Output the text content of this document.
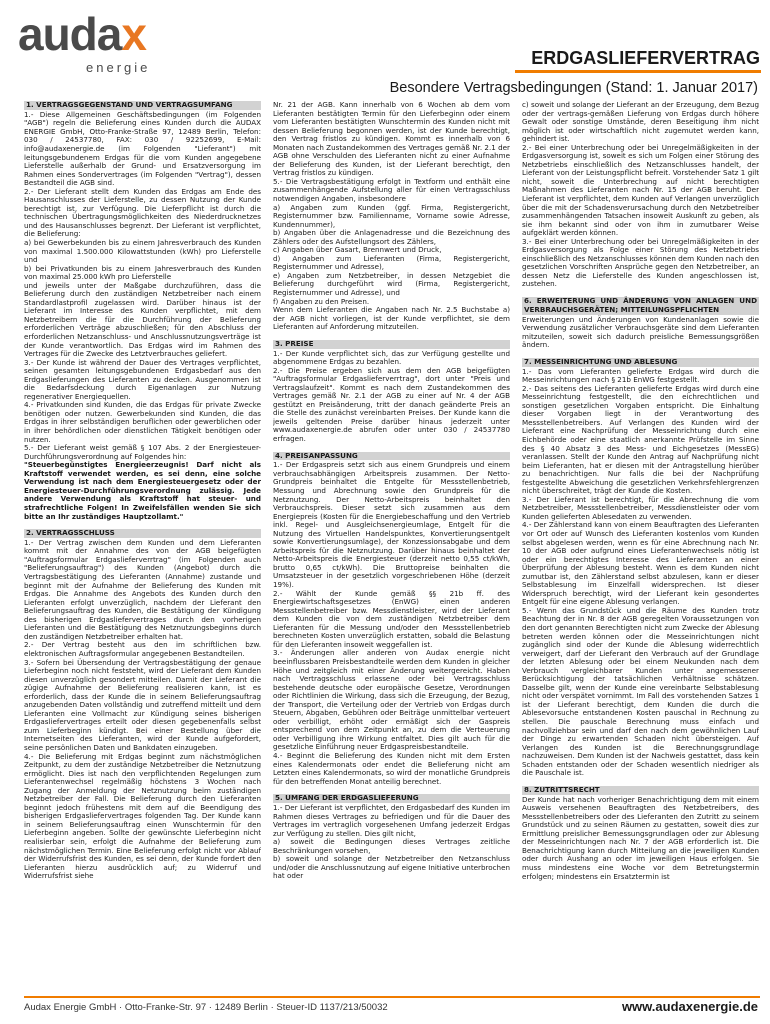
audax
energie	ERDGASLIEFERVERTRAG
Besondere Vertragsbedingungen (Stand: 1. Januar 2017)
1. VERTRAGSGEGENSTAND UND VERTRAGSUMFANG

1.- Diese Allgemeinen Geschäftsbedingungen (im Folgenden "AGB") regeln die Belieferung eines Kunden durch die AUDAX ENERGIE GmbH, Otto-Franke-Straße 97, 12489 Berlin, Telefon: 030 / 24537780, FAX: 030 / 92252699, E-Mail: info@audaxenergie.de (im Folgenden "Lieferant") mit leitungsgebundenem Erdgas für die vom Kunden angegebene Lieferstelle außerhalb der Grund- und Ersatzversorgung im Rahmen eines Sondervertrages (im Folgenden "Vertrag"), dessen Bestandteil die AGB sind.

2.- Der Lieferant stellt dem Kunden das Erdgas am Ende des Hausanschlusses der Lieferstelle, zu dessen Nutzung der Kunde berechtigt ist, zur Verfügung. Die Lieferpflicht ist durch die technischen Übertragungsmöglichkeiten des Niederdrucknetzes und des Hausanschlusses begrenzt. Der Lieferant ist verpflichtet, die Belieferung:

a) bei Gewerbekunden bis zu einem Jahresverbrauch des Kunden von maximal 1.500.000 Kilowattstunden (kWh) pro Lieferstelle und

b) bei Privatkunden bis zu einem Jahresverbrauch des Kunden von maximal 25.000 kWh pro Lieferstelle

und jeweils unter der Maßgabe durchzuführen, dass die Belieferung durch den zuständigen Netzbetreiber nach einem Standardlastprofil zugelassen wird. Darüber hinaus ist der Lieferant im Interesse des Kunden verpflichtet, mit dem Netzbetreibern die für die Durchführung der Belieferung erforderlichen Verträge abzuschließen; für den Abschluss der erforderlichen Netzanschluss- und Anschlussnutzungsverträge ist der Kunde verantwortlich. Das Erdgas wird im Rahmen des Vertrages für die Zwecke des Letztverbrauches geliefert.

3.- Der Kunde ist während der Dauer des Vertrages verpflichtet, seinen gesamten leitungsgebundenen Erdgasbedarf aus den Erdgaslieferungen des Lieferanten zu decken. Ausgenommen ist die Bedarfsdeckung durch Eigenanlagen zur Nutzung regenerativer Energiequellen.

4.- Privatkunden sind Kunden, die das Erdgas für private Zwecke benötigen oder nutzen. Gewerbekunden sind Kunden, die das Erdgas in ihrer selbständigen beruflichen oder gewerblichen oder in ihrer behördlichen oder dienstlichen Tätigkeit benötigen oder nutzen.

5.- Der Lieferant weist gemäß § 107 Abs. 2 der Energiesteuer-Durchführungsverordnung auf Folgendes hin:

"Steuerbegünstigtes Energieerzeugnis! Darf nicht als Kraftstoff verwendet werden, es sei denn, eine solche Verwendung ist nach dem Energiesteuergesetz oder der Energiesteuer-Durchführungsverordnung zulässig. Jede andere Verwendung als Kraftstoff hat steuer- und strafrechtliche Folgen! In Zweifelsfällen wenden Sie sich bitte an Ihr zuständiges Hauptzollamt."

2. VERTRAGSSCHLUSS

1.- Der Vertrag zwischen dem Kunden und dem Lieferanten kommt mit der Annahme des von der AGB beigefügten "Auftragsformular Erdgaslieferverrtrag" (im Folgenden auch "Belieferungsauftrag") des Kunden (Angebot) durch die Vertragsbestätigung des Lieferanten (Annahme) zustande und beginnt mit der Aufnahme der Belieferung des Kunden mit Erdgas. Die Annahme des Angebots des Kunden durch den Lieferanten erfolgt unverzüglich, nachdem der Lieferant den Belieferungsauftrag des Kunden, die Bestätigung der Kündigung des bisherigen Erdgasliefervertrages durch den vorherigen Lieferanten und die Bestätigung des Netznutzungsbeginns durch den zuständigen Netzbetreiber erhalten hat.

2.- Der Vertrag besteht aus den im schriftlichen bzw. elektronischen Auftragsformular angegebenen Bestandteilen.

3.- Sofern bei Übersendung der Vertragsbestätigung der genaue Lieferbeginn noch nicht feststeht, wird der Lieferant dem Kunden diesen unverzüglich gesondert mitteilen. Damit der Lieferant die zügige Aufnahme der Belieferung realisieren kann, ist es erforderlich, dass der Kunde die in seinem Belieferungsauftrag anzugebenden Daten vollständig und zutreffend mitteilt und dem Lieferanten eine Vollmacht zur Kündigung seines bisherigen Erdgasliefervertrages erteilt oder diesen gegebenenfalls selbst zum Lieferbeginn kündigt. Bei einer Bestellung über die Internetseiten des Lieferanten, wird der Kunde aufgefordert, seine persönlichen Daten und Bankdaten einzugeben.

4.- Die Belieferung mit Erdgas beginnt zum nächstmöglichen Zeitpunkt, zu dem der zuständige Netzbetreiber die Netznutzung ermöglicht. Dies ist nach den verpflichtenden Regelungen zum Lieferantenwechsel regelmäßig höchstens 3 Wochen nach Zugang der Anmeldung der Netznutzung beim zuständigen Netzbetreiber der Fall. Die Belieferung durch den Lieferanten beginnt jedoch frühestens mit dem auf die Beendigung des bisherigen Erdgasliefervertrages folgenden Tag. Der Kunde kann in seinem Belieferungsauftrag einen Wunschtermin für den Lieferbeginn angeben. Sollte der gewünschte Lieferbeginn nicht realisierbar sein, erfolgt die Aufnahme der Belieferung zum nächstmöglichen Termin. Eine Belieferung erfolgt nicht vor Ablauf der Widerrufsfrist des Kunden, es sei denn, der Kunde fordert den Lieferanten hierzu ausdrücklich auf; zu Widerruf und Widerrufsfrist siehe

Nr. 21 der AGB. Kann innerhalb von 6 Wochen ab dem vom Lieferanten bestätigten Termin für den Lieferbeginn oder einem vom Lieferanten bestätigten Wunschtermin des Kunden nicht mit dessen Belieferung begonnen werden, ist der Kunde berechtigt, den Vertrag fristlos zu kündigen. Kommt es innerhalb von 6 Monaten nach Zustandekommen des Vertrages gemäß Nr. 2.1 der AGB ohne Verschulden des Lieferanten nicht zu einer Aufnahme der Belieferung des Kunden, ist der Lieferant berechtigt, den Vertrag fristlos zu kündigen.

5.- Die Vertragsbestätigung erfolgt in Textform und enthält eine zusammenhängende Aufstellung aller für einen Vertragsschluss notwendigen Angaben, insbesondere

a) Angaben zum Kunden (ggf. Firma, Registergericht, Registernummer bzw. Familienname, Vorname sowie Adresse, Kundennummer),

b) Angaben über die Anlagenadresse und die Bezeichnung des Zählers oder des Aufstellungsort des Zählers,

c) Angaben über Gasart, Brennwert und Druck,

d) Angaben zum Lieferanten (Firma, Registergericht, Registernummer und Adresse),

e) Angaben zum Netzbetreiber, in dessen Netzgebiet die Belieferung durchgeführt wird (Firma, Registergericht, Registernummer und Adresse), und

f) Angaben zu den Preisen.

Wenn dem Lieferanten die Angaben nach Nr. 2.5 Buchstabe a) der AGB nicht vorliegen, ist der Kunde verpflichtet, sie dem Lieferanten auf Anforderung mitzuteilen.

3. PREISE

1.- Der Kunde verpflichtet sich, das zur Verfügung gestellte und abgenommene Erdgas zu bezahlen.

2.- Die Preise ergeben sich aus dem den AGB beigefügten "Auftragsformular Erdgaslieferverrtrag", dort unter "Preis und Vertragslaufzeit". Kommt es nach dem Zustandekommen des Vertrages gemäß Nr. 2.1 der AGB zu einer auf Nr. 4 der AGB gestützt en Preisänderung, tritt der danach geänderte Preis an die Stelle des zunächst vereinbarten Preises. Der Kunde kann die jeweils geltenden Preise darüber hinaus jederzeit unter www.audaxenergie.de abrufen oder unter 030 / 24537780 erfragen.

4. PREISANPASSUNG

1.- Der Erdgaspreis setzt sich aus einem Grundpreis und einem verbrauchsabhängigen Arbeitspreis zusammen. Der Netto-Grundpreis beinhaltet die Entgelte für Messstellenbetrieb, Messung und Abrechnung sowie den Grundpreis für die Netznutzung. Der Netto-Arbeitspreis beinhaltet den Verbrauchspreis. Dieser setzt sich zusammen aus dem Energiepreis (Kosten für die Energiebeschaffung und den Vertrieb inkl. Regel- und Ausgleichsenergieumlage, Entgelt für die Nutzung des Virtuellen Handelspunktes, Konvertierungsentgelt sowie Konvertierungsumlage), der Konzessionsabgabe und dem Arbeitspreis für die Netznutzung. Darüber hinaus beinhaltet der Netto-Arbeitspreis die Energiesteuer (derzeit netto 0,55 ct/kWh, brutto 0,65 ct/kWh). Die Bruttopreise beinhalten die Umsatzsteuer in der gesetzlich vorgeschriebenen Höhe (derzeit 19%).

2.- Wählt der Kunde gemäß §§ 21b ff. des Energiewirtschaftsgesetzes (EnWG) einen anderen Messstellenbetreiber bzw. Messdienstleister, wird der Lieferant dem Kunden die von dem zuständigen Netzbetreiber dem Lieferanten für die Messung und/oder den Messstellenbetrieb berechneten Kosten unverzüglich erstatten, sobald die Belastung für den Lieferanten insoweit weggefallen ist.

3.- Änderungen aller anderen von Audax energie nicht beeinflussbaren Preisbestandteile werden dem Kunden in gleicher Höhe und zeitgleich mit einer Änderung weitergereicht. Haben nach Vertragsschluss erlassene oder bei Vertragsschluss bestehende deutsche oder europäische Gesetze, Verordnungen oder Richtlinien die Wirkung, dass sich die Erzeugung, der Bezug, der Transport, die Verteilung oder der Vertrieb von Erdgas durch Steuern, Abgaben, Gebühren oder Beiträge unmittelbar verteuert oder verbilligt, erhöht oder ermäßigt sich der Gaspreis entsprechend von dem Zeitpunkt an, zu dem die Verteuerung oder Verbilligung ihre Wirkung entfaltet. Dies gilt auch für die gesetzliche Einführung neuer Erdgaspreisbestandteile.

4.- Beginnt die Belieferung des Kunden nicht mit dem Ersten eines Kalendermonats oder endet die Belieferung nicht am Letzten eines Kalendermonats, so wird der monatliche Grundpreis für den betreffenden Monat anteilig berechnet.

5. UMFANG DER ERDGASLIEFERUNG

1.- Der Lieferant ist verpflichtet, den Erdgasbedarf des Kunden im Rahmen dieses Vertrages zu befriedigen und für die Dauer des Vertrages im vertraglich vorgesehenen Umfang jederzeit Erdgas zur Verfügung zu stellen. Dies gilt nicht,

a) soweit die Bedingungen dieses Vertrages zeitliche Beschränkungen vorsehen,

b) soweit und solange der Netzbetreiber den Netzanschluss und/oder die Anschlussnutzung auf eigene Initiative unterbrochen hat oder

c) soweit und solange der Lieferant an der Erzeugung, dem Bezug oder der vertrags-gemäßen Lieferung von Erdgas durch höhere Gewalt oder sonstige Umstände, deren Beseitigung ihm nicht möglich ist oder wirtschaftlich nicht zugemutet werden kann, gehindert ist.

2.- Bei einer Unterbrechung oder bei Unregelmäßigkeiten in der Erdgasversorgung ist, soweit es sich um Folgen einer Störung des Netzbetriebs einschließlich des Netzanschlusses handelt, der Lieferant von der Leistungspflicht befreit. Vorstehender Satz 1 gilt nicht, soweit die Unterbrechung auf nicht berechtigten Maßnahmen des Lieferanten nach Nr. 15 der AGB beruht. Der Lieferant ist verpflichtet, dem Kunden auf Verlangen unverzüglich über die mit der Schadensverursachung durch den Netzbetreiber zusammenhängenden Tatsachen insoweit Auskunft zu geben, als sie ihm bekannt sind oder von ihm in zumutbarer Weise aufgeklärt werden können.

3.- Bei einer Unterbrechung oder bei Unregelmäßigkeiten in der Erdgasversorgung als Folge einer Störung des Netzbetriebs einschließlich des Netzanschlusses können dem Kunden nach den gesetzlichen Vorschriften Ansprüche gegen den Netzbetreiber, an dessen Netz die Lieferstelle des Kunden angeschlossen ist, zustehen.

6. ERWEITERUNG UND ÄNDERUNG VON ANLAGEN UND VERBRAUCHSGERÄTEN; MITTEILUNGSPFLICHTEN

Erweiterungen und Änderungen von Kundenanlagen sowie die Verwendung zusätzlicher Verbrauchsgeräte sind dem Lieferanten mitzuteilen, soweit sich dadurch preisliche Bemessungsgrößen ändern.

7. MESSEINRICHTUNG UND ABLESUNG

1.- Das vom Lieferanten gelieferte Erdgas wird durch die Messeinrichtungen nach § 21b EnWG festgestellt.

2.- Das seitens des Lieferanten gelieferte Erdgas wird durch eine Messeinrichtung festgestellt, die den eichrechtlichen und sonstigen gesetzlichen Vorgaben entspricht. Die Einhaltung dieser Vorgaben liegt in der Verantwortung des Messstellenbetreibers. Auf Verlangen des Kunden wird der Lieferant eine Nachprüfung der Messeinrichtung durch eine Eichbehörde oder eine staatlich anerkannte Prüfstelle im Sinne des § 40 Absatz 3 des Mess- und Eichgesetzes (MessEG) veranlassen. Stellt der Kunde den Antrag auf Nachprüfung nicht beim Lieferanten, hat er diesen mit der Antragstellung hierüber zu benachrichtigen. Nur falls die bei der Nachprüfung festgestellte Abweichung die gesetzlichen Verkehrsfehlergrenzen nicht überschreitet, trägt der Kunde die Kosten.

3.- Der Lieferant ist berechtigt, für die Abrechnung die vom Netzbetreiber, Messstellenbetreiber, Messdienstleister oder vom Kunden gelieferten Ablesedaten zu verwenden.

4.- Der Zählerstand kann von einem Beauftragten des Lieferanten vor Ort oder auf Wunsch des Lieferanten kostenlos vom Kunden selbst abgelesen werden, wenn es für eine Abrechnung nach Nr. 10 der AGB oder aufgrund eines Lieferantenwechsels nötig ist oder ein berechtigtes Interesse des Lieferanten an einer Überprüfung der Ablesung besteht. Wenn es dem Kunden nicht zumutbar ist, den Zählerstand selbst abzulesen, kann er dieser Selbstablesung im Einzelfall widersprechen. Ist dieser Widerspruch berechtigt, wird der Lieferant kein gesondertes Entgelt für eine eigene Ablesung verlangen.

5.- Wenn das Grundstück und die Räume des Kunden trotz Beachtung der in Nr. 8 der AGB geregelten Voraussetzungen von den dort genannten Berechtigten nicht zum Zwecke der Ablesung betreten werden können oder die Messeinrichtungen nicht zugänglich sind oder der Kunde die Ablesung widerrechtlich verweigert, darf der Lieferant den Verbrauch auf der Grundlage der letzten Ablesung oder bei einem Neukunden nach dem Verbrauch vergleichbarer Kunden unter angemessener Berücksichtigung der tatsächlichen Verhältnisse schätzen. Dasselbe gilt, wenn der Kunde eine vereinbarte Selbstablesung nicht oder verspätet vornimmt. Im Fall des vorstehenden Satzes 1 ist der Lieferant berechtigt, dem Kunden die durch die Ablesevorsuche entstandenen Kosten pauschal in Rechnung zu stellen. Die pauschale Berechnung muss einfach und nachvollziehbar sein und darf den nach dem gewöhnlichen Lauf der Dinge zu erwartenden Schaden nicht übersteigen. Auf Verlangen des Kunden ist die Berechnungsgrundlage nachzuweisen. Dem Kunden ist der Nachweis gestattet, dass kein Schaden entstanden oder der Schaden wesentlich niedriger als die Pauschale ist.

8. ZUTRITTSRECHT

Der Kunde hat nach vorheriger Benachrichtigung dem mit einem Ausweis versehenen Beauftragten des Netzbetreibers, des Messstellenbetreibers oder des Lieferanten den Zutritt zu seinem Grundstück und zu seinen Räumen zu gestatten, soweit dies zur Ermittlung preislicher Bemessungsgrundlagen oder zur Ablesung der Messeinrichtungen nach Nr. 7 der AGB erforderlich ist. Die Benachrichtigung kann durch Mitteilung an die jeweiligen Kunden oder durch Aushang an oder im jeweiligen Haus erfolgen. Sie muss mindestens eine Woche vor dem Betretungstermin erfolgen; mindestens ein Ersatztermin ist

Audax Energie GmbH · Otto-Franke-Str. 97 · 12489 Berlin · Steuer-ID 1137/213/50032	www.audaxenergie.de
